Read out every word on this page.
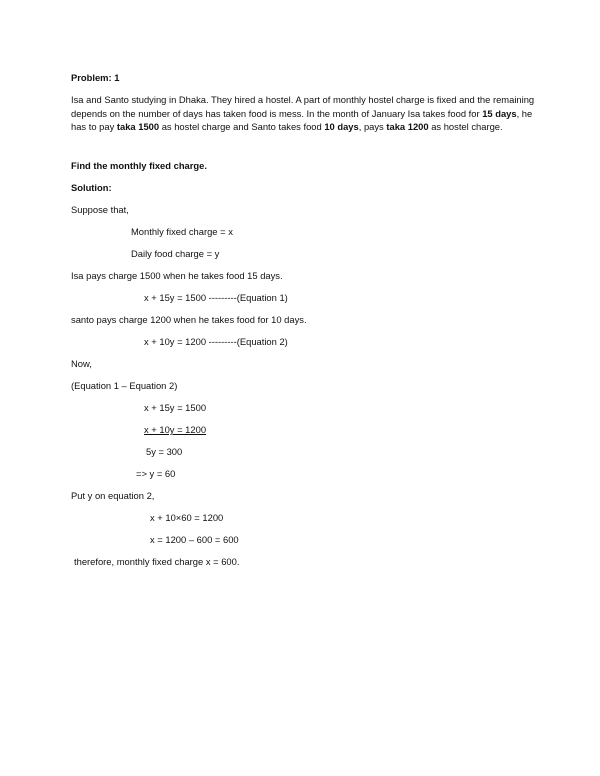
Problem: 1
Isa and Santo studying in Dhaka. They hired a hostel. A part of monthly hostel charge is fixed and the remaining depends on the number of days has taken food is mess. In the month of January Isa takes food for 15 days, he has to pay taka 1500 as hostel charge and Santo takes food 10 days, pays taka 1200 as hostel charge.
Find the monthly fixed charge.
Solution:
Suppose that,
Monthly fixed charge = x
Daily food charge = y
Isa pays charge 1500 when he takes food 15 days.
x + 15y = 1500 ---------(Equation 1)
santo pays charge 1200 when he takes food for 10 days.
x + 10y = 1200 ---------(Equation 2)
Now,
(Equation 1 – Equation 2)
x + 15y = 1500
x + 10y = 1200
5y = 300
=> y = 60
Put y on equation 2,
x + 10×60 = 1200
x = 1200 – 600 = 600
therefore, monthly fixed charge x = 600.
